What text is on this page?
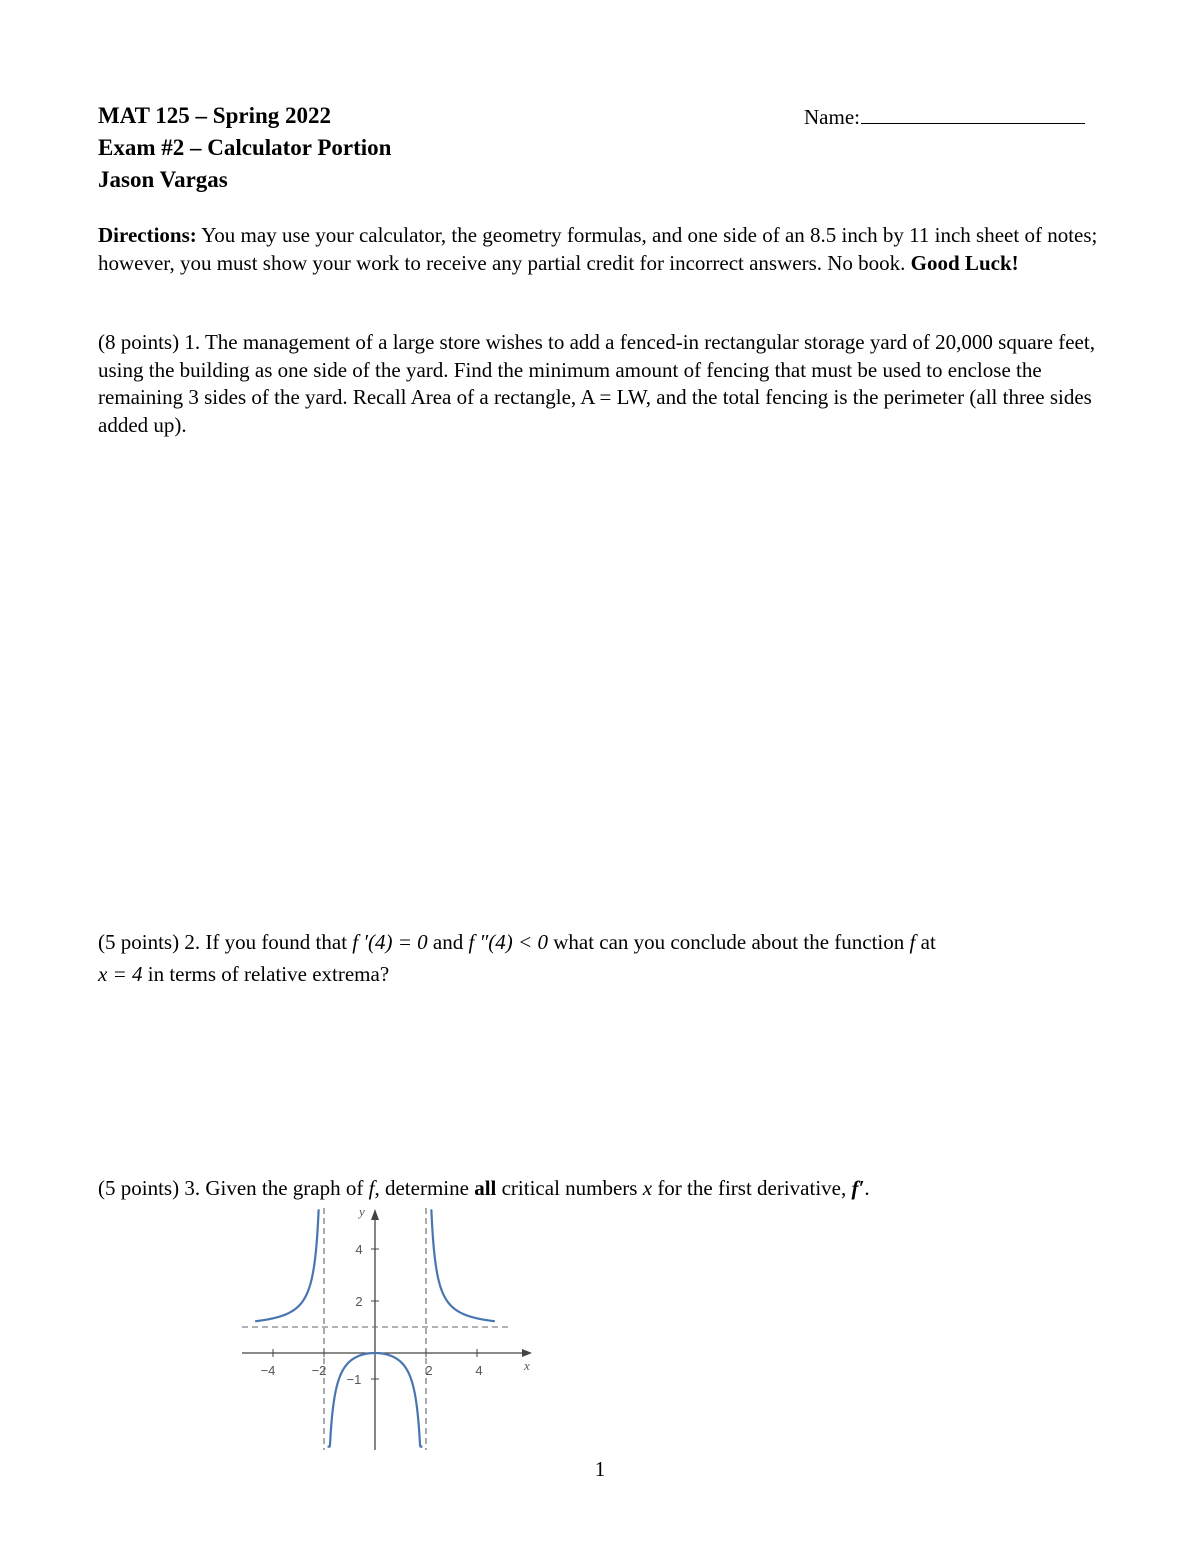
MAT 125 – Spring 2022
Exam #2 – Calculator Portion
Jason Vargas
Name:
Directions: You may use your calculator, the geometry formulas, and one side of an 8.5 inch by 11 inch sheet of notes; however, you must show your work to receive any partial credit for incorrect answers. No book. Good Luck!
(8 points) 1. The management of a large store wishes to add a fenced-in rectangular storage yard of 20,000 square feet, using the building as one side of the yard. Find the minimum amount of fencing that must be used to enclose the remaining 3 sides of the yard. Recall Area of a rectangle, A = LW, and the total fencing is the perimeter (all three sides added up).
(5 points) 2. If you found that f ′(4) = 0 and f ″(4) < 0 what can you conclude about the function f at
x = 4 in terms of relative extrema?
(5 points) 3. Given the graph of f, determine all critical numbers x for the first derivative, f′.
−4	−2	2	4
4
2
−1
y
x
1
